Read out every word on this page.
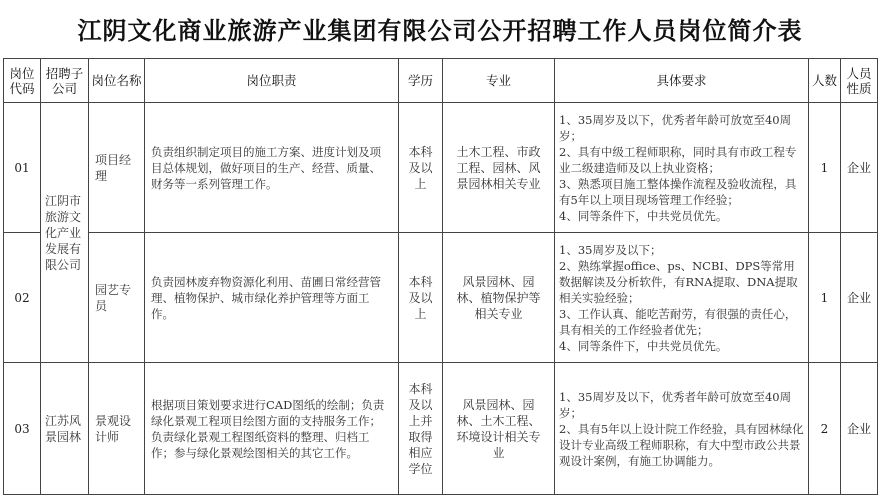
江阴文化商业旅游产业集团有限公司公开招聘工作人员岗位简介表
岗位代码	招聘子公司	岗位名称	岗位职责	学历	专业	具体要求	人数	人员性质
01	江阴市旅游文化产业发展有限公司	项目经理	负责组织制定项目的施工方案、进度计划及项目总体规划，做好项目的生产、经营、质量、财务等一系列管理工作。	本科及以上	土木工程、市政工程、园林、风景园林相关专业	1、35周岁及以下，优秀者年龄可放宽至40周岁；
2、具有中级工程师职称，同时具有市政工程专业二级建造师及以上执业资格；
3、熟悉项目施工整体操作流程及验收流程，具有5年以上项目现场管理工作经验；
4、同等条件下，中共党员优先。	1	企业
02		园艺专员	负责园林废弃物资源化利用、苗圃日常经营管理、植物保护、城市绿化养护管理等方面工作。	本科及以上	风景园林、园林、植物保护等相关专业	1、35周岁及以下；
2、熟练掌握office、ps、NCBI、DPS等常用数据解读及分析软件，有RNA提取、DNA提取相关实验经验；
3、工作认真、能吃苦耐劳，有很强的责任心，具有相关的工作经验者优先；
4、同等条件下，中共党员优先。	1	企业
03	江苏风景园林	景观设计师	根据项目策划要求进行CAD图纸的绘制；负责绿化景观工程项目绘图方面的支持服务工作；负责绿化景观工程图纸资料的整理、归档工作；参与绿化景观绘图相关的其它工作。	本科及以上并取得相应学位	风景园林、园林、土木工程、环境设计相关专业	1、35周岁及以下，优秀者年龄可放宽至40周岁；
2、具有5年以上设计院工作经验，具有园林绿化设计专业高级工程师职称，有大中型市政公共景观设计案例，有施工协调能力。	2	企业
